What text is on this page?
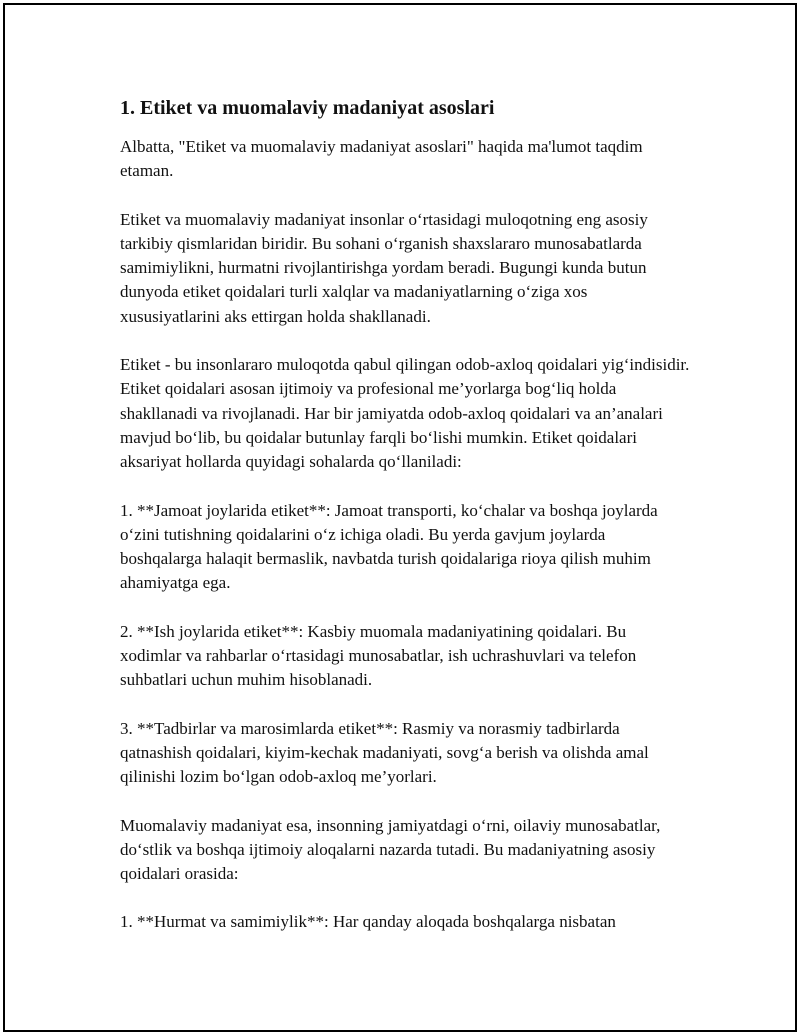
1. Etiket va muomalaviy madaniyat asoslari

Albatta, "Etiket va muomalaviy madaniyat asoslari" haqida ma'lumot taqdim etaman.

Etiket va muomalaviy madaniyat insonlar o‘rtasidagi muloqotning eng asosiy tarkibiy qismlaridan biridir. Bu sohani o‘rganish shaxslararo munosabatlarda samimiylikni, hurmatni rivojlantirishga yordam beradi. Bugungi kunda butun dunyoda etiket qoidalari turli xalqlar va madaniyatlarning o‘ziga xos xususiyatlarini aks ettirgan holda shakllanadi.

Etiket - bu insonlararo muloqotda qabul qilingan odob-axloq qoidalari yig‘indisidir. Etiket qoidalari asosan ijtimoiy va profesional me’yorlarga bog‘liq holda shakllanadi va rivojlanadi. Har bir jamiyatda odob-axloq qoidalari va an’analari mavjud bo‘lib, bu qoidalar butunlay farqli bo‘lishi mumkin. Etiket qoidalari aksariyat hollarda quyidagi sohalarda qo‘llaniladi:

1. **Jamoat joylarida etiket**: Jamoat transporti, ko‘chalar va boshqa joylarda o‘zini tutishning qoidalarini o‘z ichiga oladi. Bu yerda gavjum joylarda boshqalarga halaqit bermaslik, navbatda turish qoidalariga rioya qilish muhim ahamiyatga ega.

2. **Ish joylarida etiket**: Kasbiy muomala madaniyatining qoidalari. Bu xodimlar va rahbarlar o‘rtasidagi munosabatlar, ish uchrashuvlari va telefon suhbatlari uchun muhim hisoblanadi.

3. **Tadbirlar va marosimlarda etiket**: Rasmiy va norasmiy tadbirlarda qatnashish qoidalari, kiyim-kechak madaniyati, sovg‘a berish va olishda amal qilinishi lozim bo‘lgan odob-axloq me’yorlari.

Muomalaviy madaniyat esa, insonning jamiyatdagi o‘rni, oilaviy munosabatlar, do‘stlik va boshqa ijtimoiy aloqalarni nazarda tutadi. Bu madaniyatning asosiy qoidalari orasida:

1. **Hurmat va samimiylik**: Har qanday aloqada boshqalarga nisbatan
